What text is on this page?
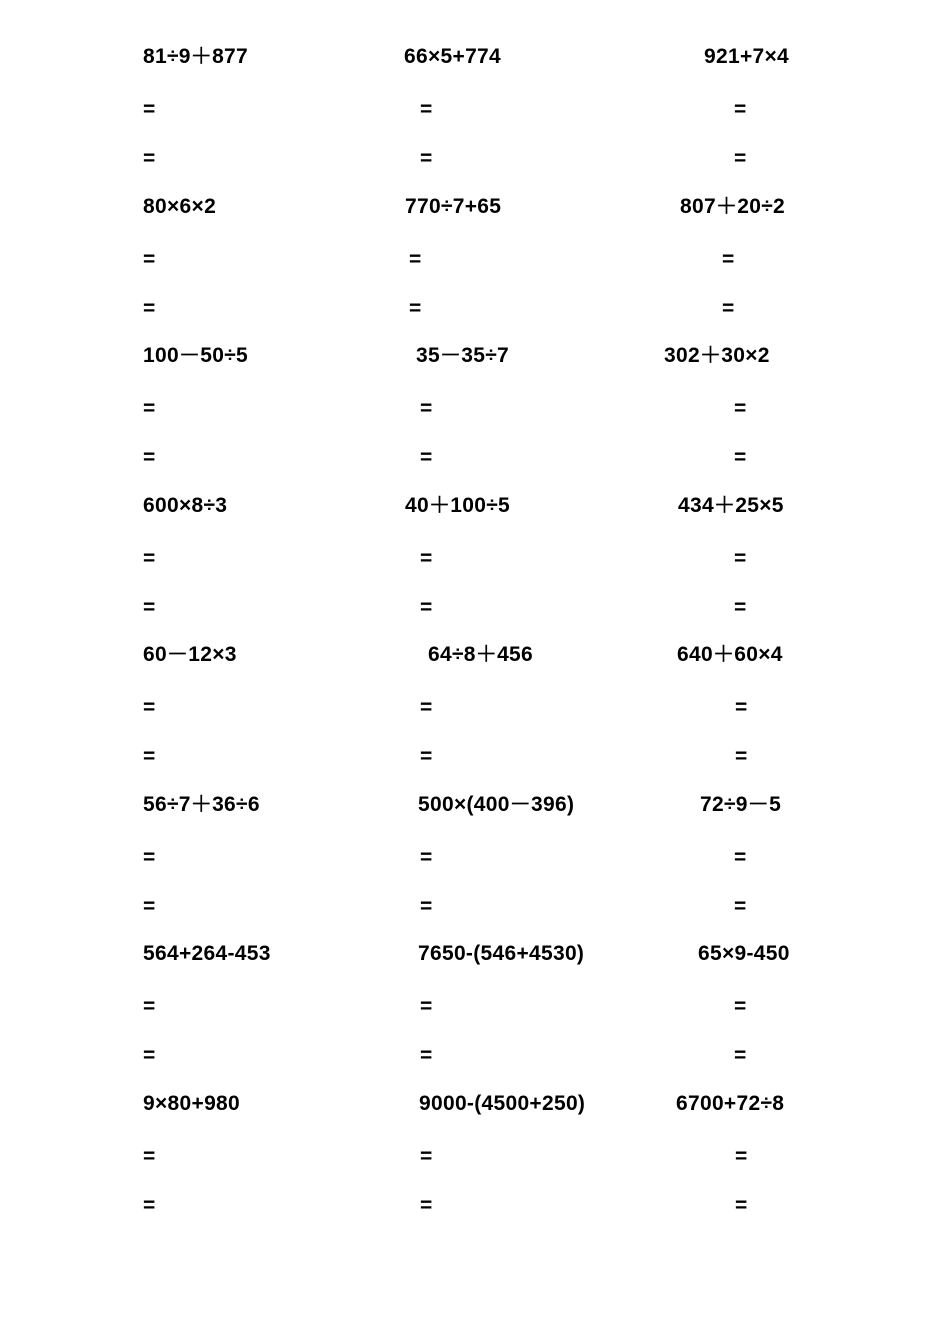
81÷9＋877
=
=
66×5+774
=
=
921+7×4
=
=
80×6×2
=
=
770÷7+65
=
=
807＋20÷2
=
=
100－50÷5
=
=
35－35÷7
=
=
302＋30×2
=
=
600×8÷3
=
=
40＋100÷5
=
=
434＋25×5
=
=
60－12×3
=
=
64÷8＋456
=
=
640＋60×4
=
=
56÷7＋36÷6
=
=
500×(400－396)
=
=
72÷9－5
=
=
564+264-453
=
=
7650-(546+4530)
=
=
65×9-450
=
=
9×80+980
=
=
9000-(4500+250)
=
=
6700+72÷8
=
=
